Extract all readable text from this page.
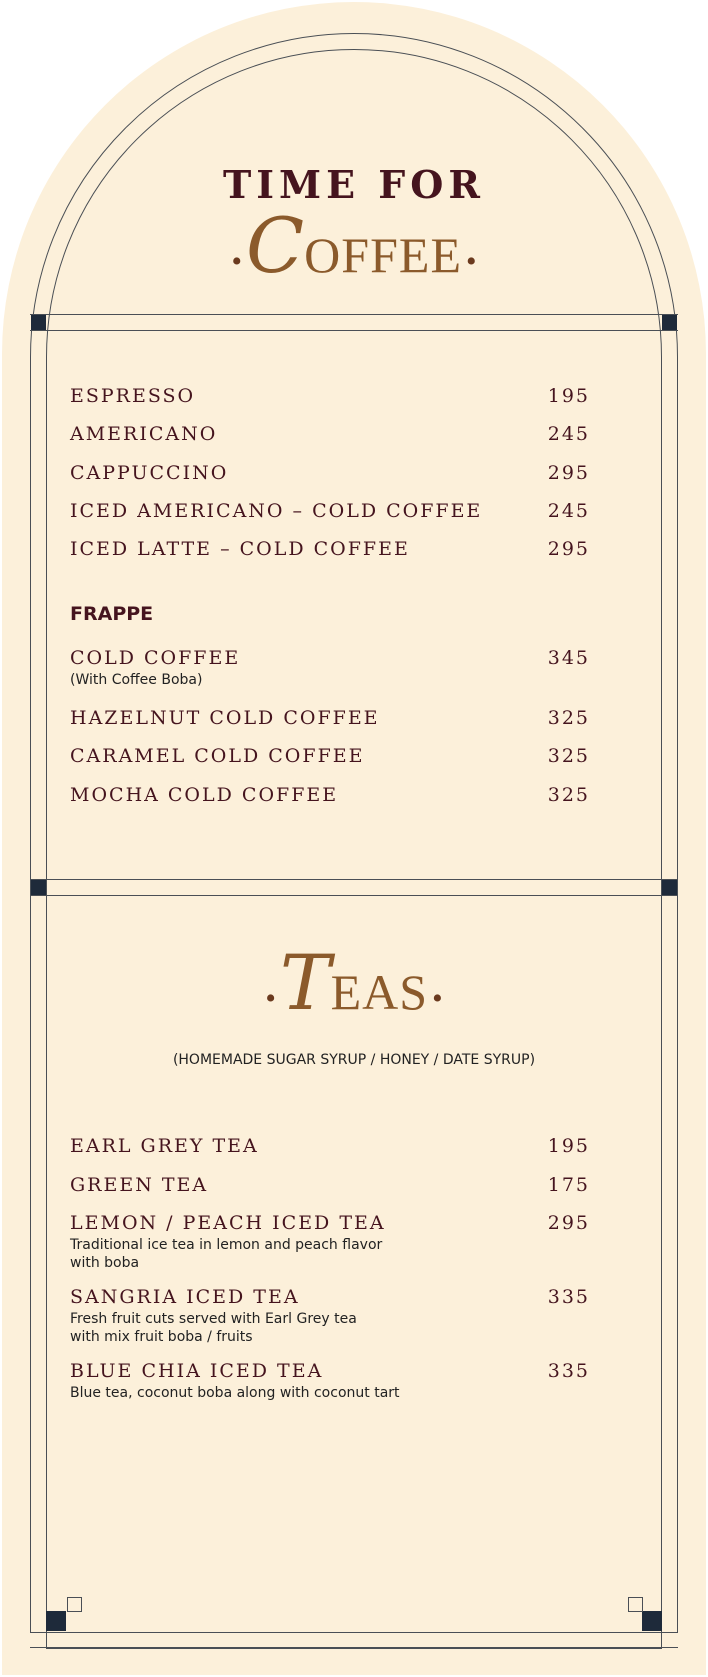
TIME FOR
• COFFEE •
ESPRESSO	195
AMERICANO	245
CAPPUCCINO	295
ICED AMERICANO – COLD COFFEE	245
ICED LATTE – COLD COFFEE	295
FRAPPE
COLD COFFEE	345
(With Coffee Boba)
HAZELNUT COLD COFFEE	325
CARAMEL COLD COFFEE	325
MOCHA COLD COFFEE	325
• TEAS •
(HOMEMADE SUGAR SYRUP / HONEY / DATE SYRUP)
EARL GREY TEA	195
GREEN TEA	175
LEMON / PEACH ICED TEA	295
Traditional ice tea in lemon and peach flavor
with boba
SANGRIA ICED TEA	335
Fresh fruit cuts served with Earl Grey tea
with mix fruit boba / fruits
BLUE CHIA ICED TEA	335
Blue tea, coconut boba along with coconut tart
